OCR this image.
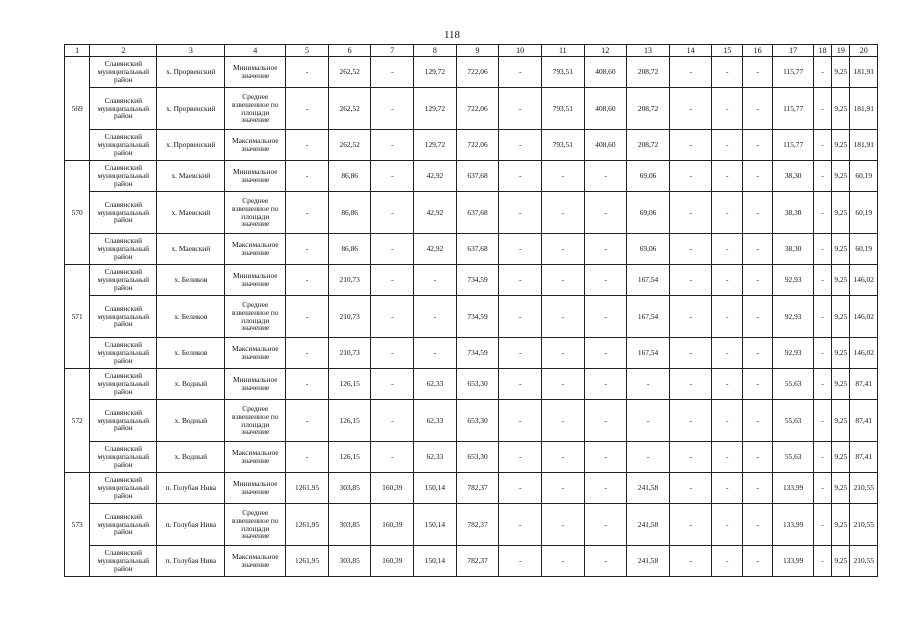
118
1	2	3	4	5	6	7	8	9	10	11	12	13	14	15	16	17	18	19	20
569	Славянский муниципальный район	х. Прорвенский	Минимальное значение	-	262,52	-	129,72	722,06	-	793,51	408,60	208,72	-	-	-	115,77	-	9,25	181,91
	Славянский муниципальный район	х. Прорвенский	Среднее взвешенное по площади значение	-	262,52	-	129,72	722,06	-	793,51	408,60	208,72	-	-	-	115,77	-	9,25	181,91
	Славянский муниципальный район	х. Прорвенский	Максимальное значение	-	262,52	-	129,72	722,06	-	793,51	408,60	208,72	-	-	-	115,77	-	9,25	181,91
570	Славянский муниципальный район	х. Маевский	Минимальное значение	-	86,86	-	42,92	637,68	-	-	-	69,06	-	-	-	38,30	-	9,25	60,19
	Славянский муниципальный район	х. Маевский	Среднее взвешенное по площади значение	-	86,86	-	42,92	637,68	-	-	-	69,06	-	-	-	38,30	-	9,25	60,19
	Славянский муниципальный район	х. Маевский	Максимальное значение	-	86,86	-	42,92	637,68	-	-	-	69,06	-	-	-	38,30	-	9,25	60,19
571	Славянский муниципальный район	х. Беликов	Минимальное значение	-	210,73	-	-	734,59	-	-	-	167,54	-	-	-	92,93	-	9,25	146,02
	Славянский муниципальный район	х. Беликов	Среднее взвешенное по площади значение	-	210,73	-	-	734,59	-	-	-	167,54	-	-	-	92,93	-	9,25	146,02
	Славянский муниципальный район	х. Беликов	Максимальное значение	-	210,73	-	-	734,59	-	-	-	167,54	-	-	-	92,93	-	9,25	146,02
572	Славянский муниципальный район	х. Водный	Минимальное значение	-	126,15	-	62,33	653,30	-	-	-	-	-	-	-	55,63	-	9,25	87,41
	Славянский муниципальный район	х. Водный	Среднее взвешенное по площади значение	-	126,15	-	62,33	653,30	-	-	-	-	-	-	-	55,63	-	9,25	87,41
	Славянский муниципальный район	х. Водный	Максимальное значение	-	126,15	-	62,33	653,30	-	-	-	-	-	-	-	55,63	-	9,25	87,41
573	Славянский муниципальный район	п. Голубая Нива	Минимальное значение	1261,95	303,85	160,39	150,14	782,37	-	-	-	241,58	-	-	-	133,99	-	9,25	210,55
	Славянский муниципальный район	п. Голубая Нива	Среднее взвешенное по площади значение	1261,95	303,85	160,39	150,14	782,37	-	-	-	241,58	-	-	-	133,99	-	9,25	210,55
	Славянский муниципальный район	п. Голубая Нива	Максимальное значение	1261,95	303,85	160,39	150,14	782,37	-	-	-	241,58	-	-	-	133,99	-	9,25	210,55
